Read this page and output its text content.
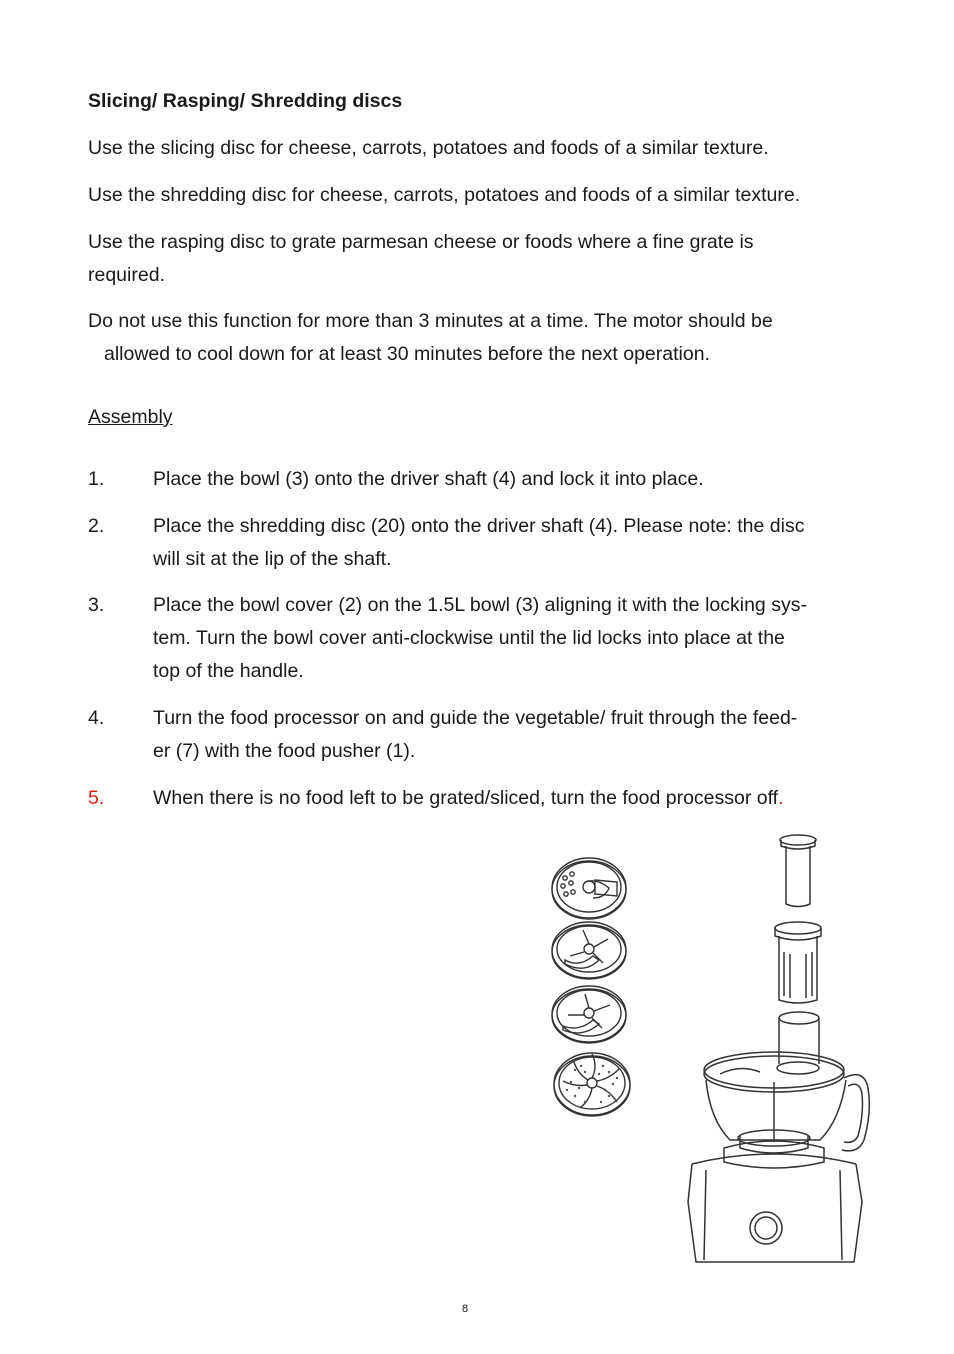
Slicing/ Rasping/ Shredding discs
Use the slicing disc for cheese, carrots, potatoes and foods of a similar texture.
Use the shredding disc for cheese, carrots, potatoes and foods of a similar texture.
Use the rasping disc to grate parmesan cheese or foods where a fine grate is
required.
Do not use this function for more than 3 minutes at a time. The motor should be
allowed to cool down for at least 30 minutes before the next operation.
Assembly
1. Place the bowl (3) onto the driver shaft (4) and lock it into place.
2. Place the shredding disc (20) onto the driver shaft (4). Please note: the disc
will sit at the lip of the shaft.
3. Place the bowl cover (2) on the 1.5L bowl (3) aligning it with the locking sys-
tem. Turn the bowl cover anti-clockwise until the lid locks into place at the
top of the handle.
4. Turn the food processor on and guide the vegetable/ fruit through the feed-
er (7) with the food pusher (1).
5. When there is no food left to be grated/sliced, turn the food processor off.
8
